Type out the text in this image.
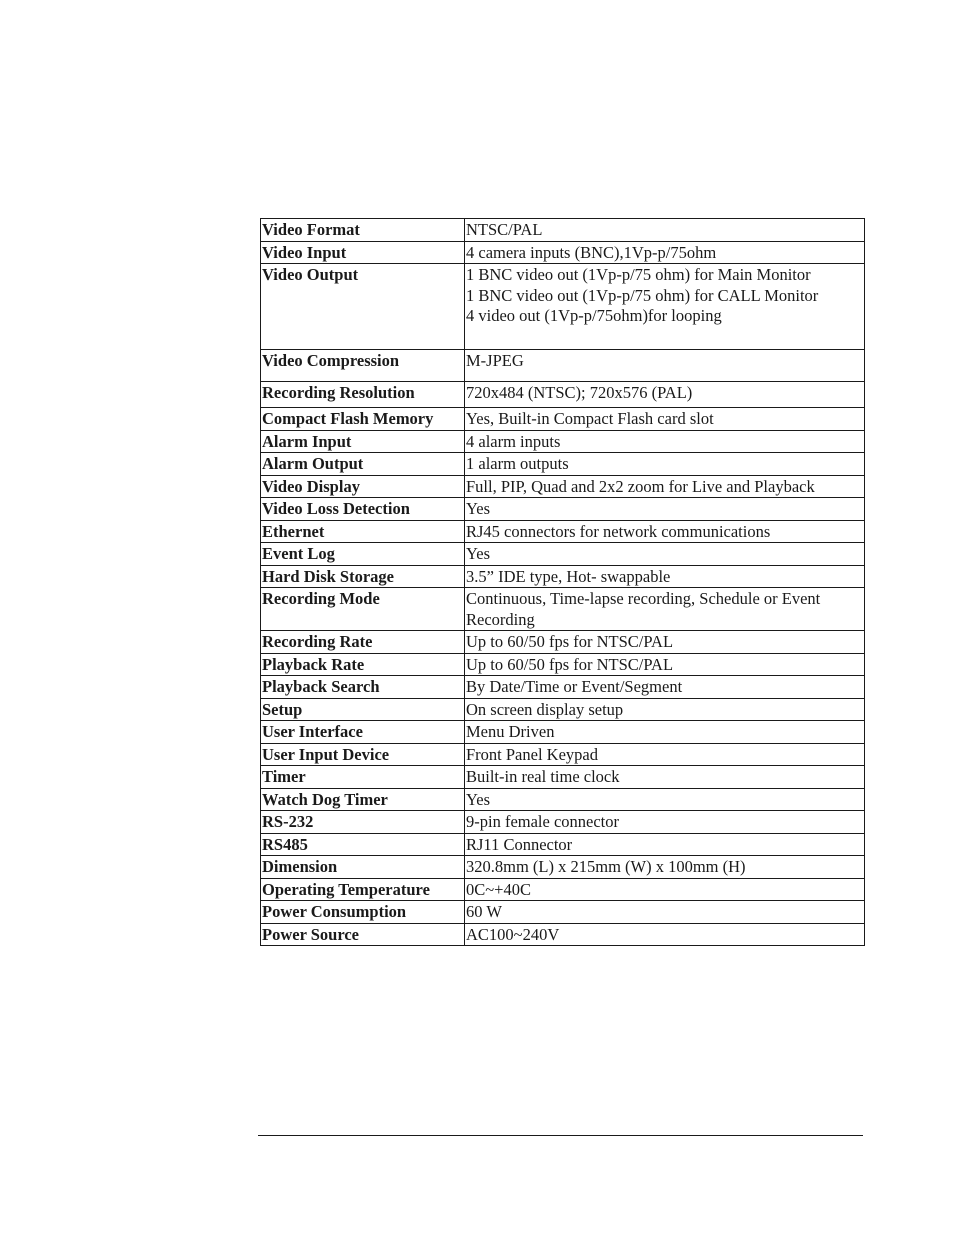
Video Format	NTSC/PAL
Video Input	4 camera inputs (BNC),1Vp-p/75ohm
Video Output	1 BNC video out (1Vp-p/75 ohm) for Main Monitor
1 BNC video out (1Vp-p/75 ohm) for CALL Monitor
4 video out (1Vp-p/75ohm)for looping
Video Compression	M-JPEG
Recording Resolution	720x484 (NTSC); 720x576 (PAL)
Compact Flash Memory	Yes, Built-in Compact Flash card slot
Alarm Input	4 alarm inputs
Alarm Output	1 alarm outputs
Video Display	Full, PIP, Quad and 2x2 zoom for Live and Playback
Video Loss Detection	Yes
Ethernet	RJ45 connectors for network communications
Event Log	Yes
Hard Disk Storage	3.5” IDE type, Hot- swappable
Recording Mode	Continuous, Time-lapse recording, Schedule or Event Recording
Recording Rate	Up to 60/50 fps for NTSC/PAL
Playback Rate	Up to 60/50 fps for NTSC/PAL
Playback Search	By Date/Time or Event/Segment
Setup	On screen display setup
User Interface	Menu Driven
User Input Device	Front Panel Keypad
Timer	Built-in real time clock
Watch Dog Timer	Yes
RS-232	9-pin female connector
RS485	RJ11 Connector
Dimension	320.8mm (L) x 215mm (W) x 100mm (H)
Operating Temperature	0C~+40C
Power Consumption	60 W
Power Source	AC100~240V
